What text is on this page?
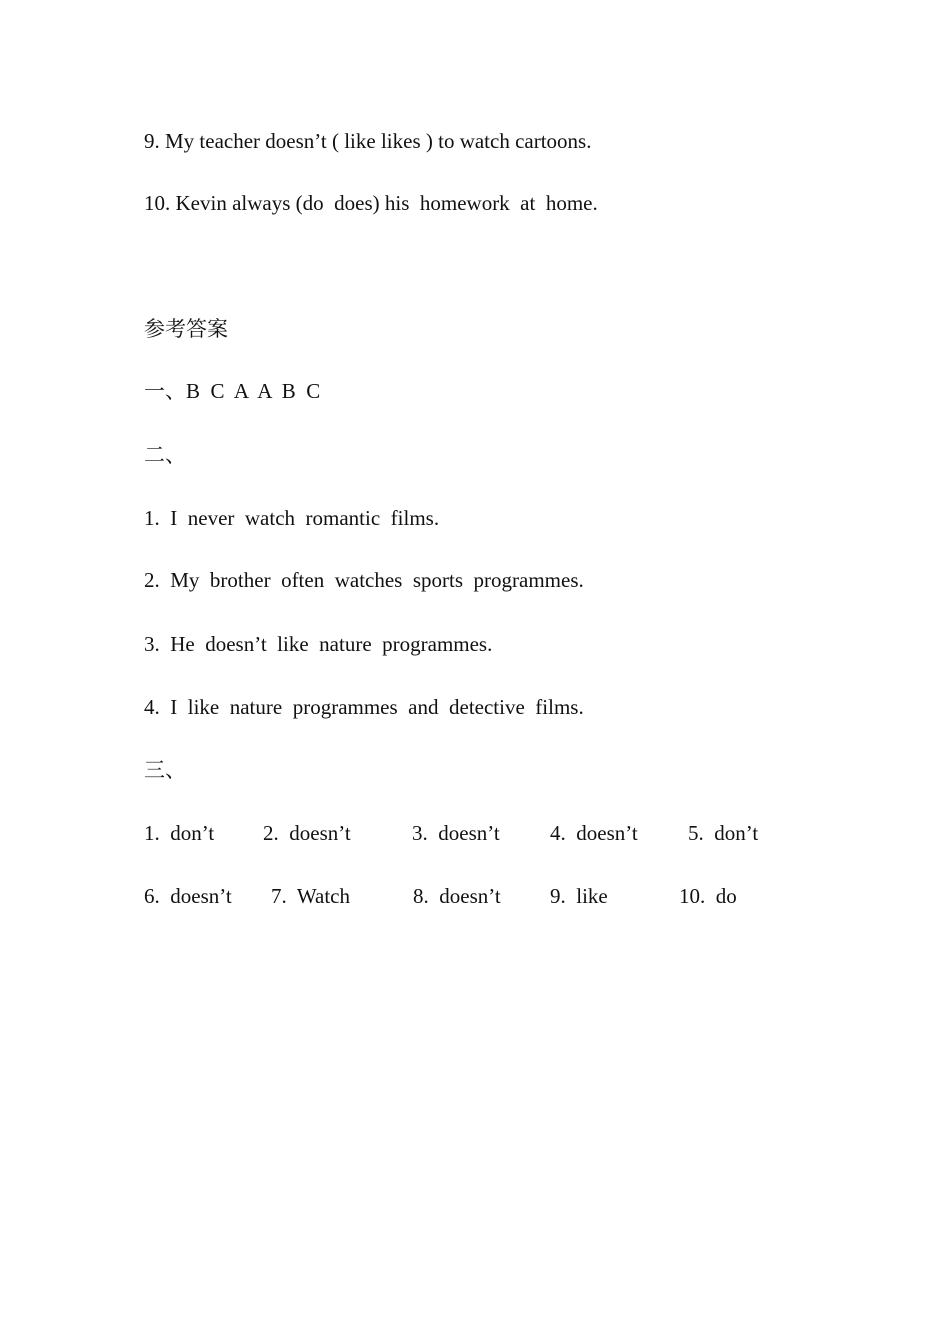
9. My teacher doesn’t ( like likes ) to watch cartoons.
10. Kevin always (do  does) his  homework  at  home.
参考答案
一、B  C  A  A  B  C
二、
1.  I  never  watch  romantic  films.
2.  My  brother  often  watches  sports  programmes.
3.  He  doesn’t  like  nature  programmes.
4.  I  like  nature  programmes  and  detective  films.
三、
1.  don’t 2.  doesn’t	3.  doesn’t 4.  doesn’t 5.  don’t
6.  doesn’t 7.  Watch	8.  doesn’t 9.  like	10.  do
